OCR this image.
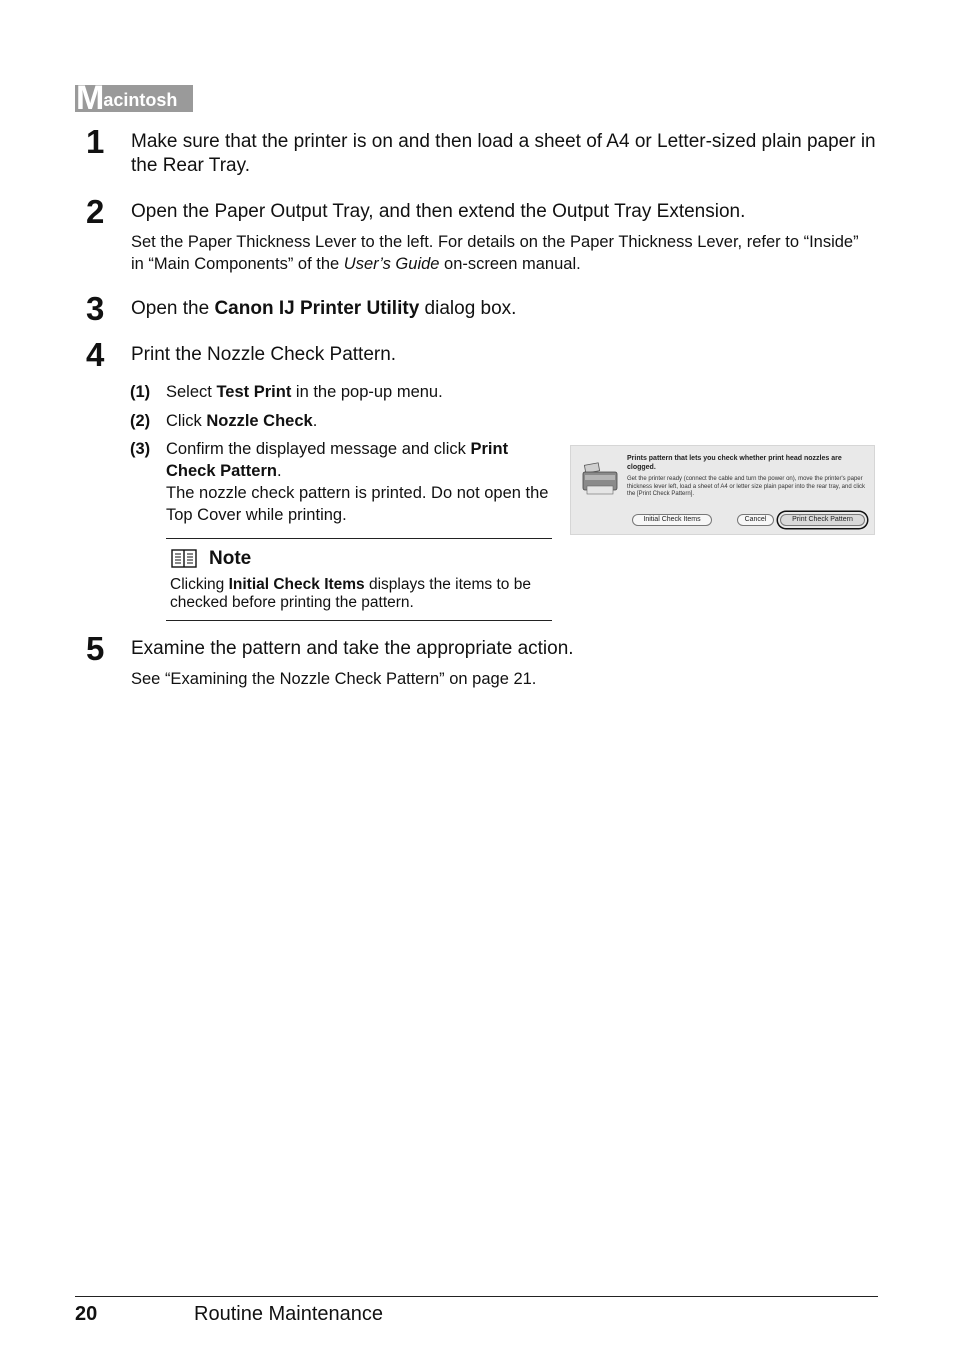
M acintosh
1 Make sure that the printer is on and then load a sheet of A4 or Letter-sized plain paper in the Rear Tray.
2 Open the Paper Output Tray, and then extend the Output Tray Extension.
Set the Paper Thickness Lever to the left. For details on the Paper Thickness Lever, refer to “Inside” in “Main Components” of the User’s Guide on-screen manual.
3 Open the Canon IJ Printer Utility dialog box.
4 Print the Nozzle Check Pattern.
(1) Select Test Print in the pop-up menu.
(2) Click Nozzle Check.
(3) Confirm the displayed message and click Print Check Pattern.
The nozzle check pattern is printed. Do not open the Top Cover while printing.
Note
Clicking Initial Check Items displays the items to be checked before printing the pattern.
Prints pattern that lets you check whether print head nozzles are clogged.
Get the printer ready (connect the cable and turn the power on), move the printer's paper thickness lever left, load a sheet of A4 or letter size plain paper into the rear tray, and click the [Print Check Pattern].
Initial Check Items	Cancel	Print Check Pattern
5 Examine the pattern and take the appropriate action.
See “Examining the Nozzle Check Pattern” on page 21.
20	Routine Maintenance
